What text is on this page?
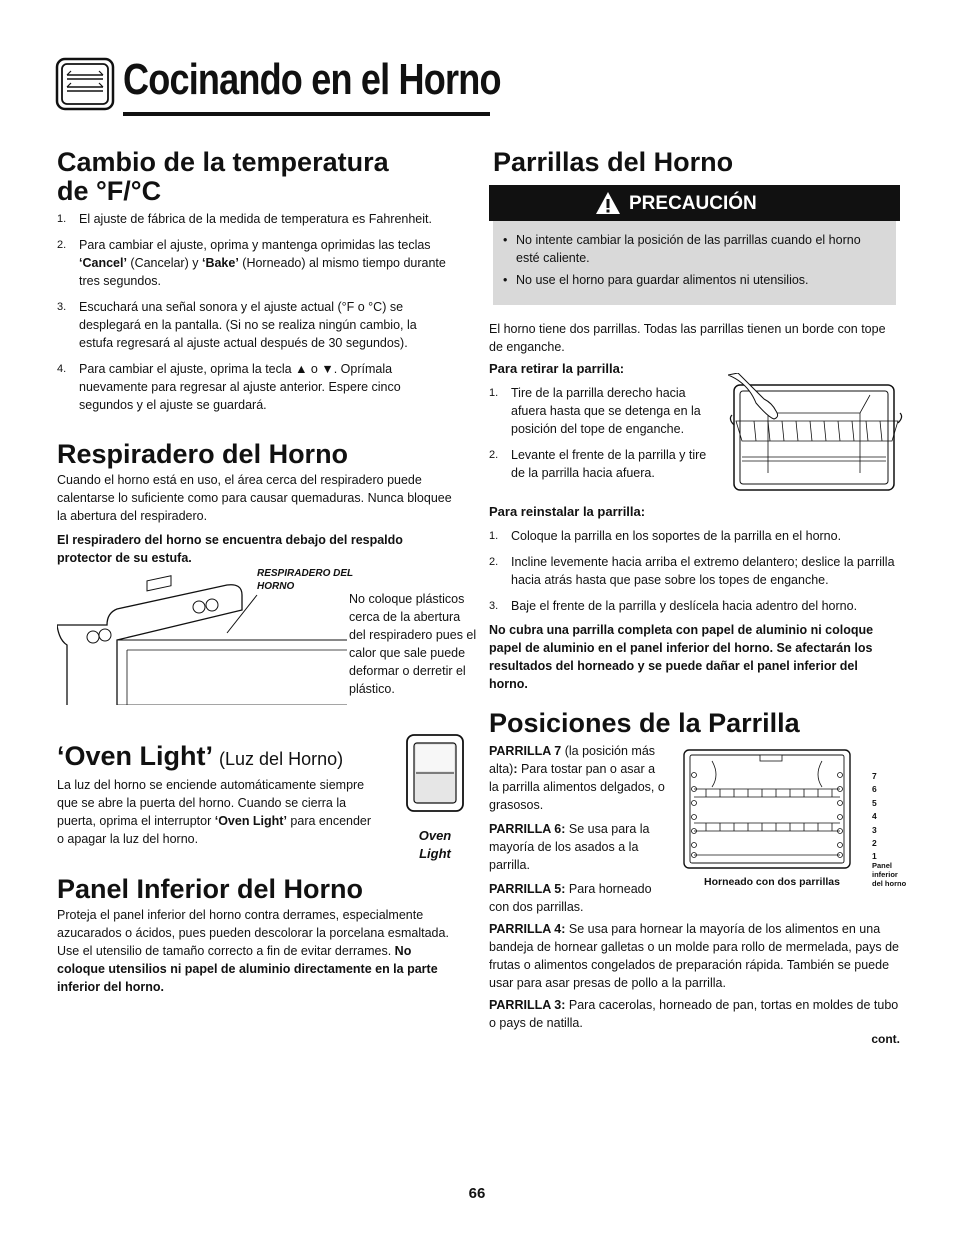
Cocinando en el Horno
Cambio de la temperatura de °F/°C
1. El ajuste de fábrica de la medida de temperatura es Fahrenheit.
2. Para cambiar el ajuste, oprima y mantenga oprimidas las teclas ‘Cancel’ (Cancelar) y ‘Bake’ (Horneado) al mismo tiempo durante tres segundos.
3. Escuchará una señal sonora y el ajuste actual (°F o °C) se desplegará en la pantalla. (Si no se realiza ningún cambio, la estufa regresará al ajuste actual después de 30 segundos).
4. Para cambiar el ajuste, oprima la tecla ▲ o ▼. Oprímala nuevamente para regresar al ajuste anterior. Espere cinco segundos y el ajuste se guardará.
Respiradero del Horno

Cuando el horno está en uso, el área cerca del respiradero puede calentarse lo suficiente como para causar quemaduras. Nunca bloquee la abertura del respiradero.

El respiradero del horno se encuentra debajo del respaldo protector de su estufa.

RESPIRADERO DEL HORNO

No coloque plásticos cerca de la abertura del respiradero pues el calor que sale puede deformar o derretir el plástico.

‘Oven Light’ (Luz del Horno)

La luz del horno se enciende automáticamente siempre que se abre la puerta del horno. Cuando se cierra la puerta, oprima el interruptor ‘Oven Light’ para encender o apagar la luz del horno.	Oven Light
Panel Inferior del Horno

Proteja el panel inferior del horno contra derrames, especialmente azucarados o ácidos, pues pueden descolorar la porcelana esmaltada. Use el utensilio de tamaño correcto a fin de evitar derrames. No coloque utensilios ni papel de aluminio directamente en la parte inferior del horno.

Parrillas del Horno
PRECAUCIÓN
• No intente cambiar la posición de las parrillas cuando el horno esté caliente.
• No use el horno para guardar alimentos ni utensilios.

El horno tiene dos parrillas. Todas las parrillas tienen un borde con tope de enganche.

Para retirar la parrilla:
1. Tire de la parrilla derecho hacia afuera hasta que se detenga en la posición del tope de enganche.
2. Levante el frente de la parrilla y tire de la parrilla hacia afuera.
Para reinstalar la parrilla:
1. Coloque la parrilla en los soportes de la parrilla en el horno.
2. Incline levemente hacia arriba el extremo delantero; deslice la parrilla hacia atrás hasta que pase sobre los topes de enganche.
3. Baje el frente de la parrilla y deslícela hacia adentro del horno.

No cubra una parrilla completa con papel de aluminio ni coloque papel de aluminio en el panel inferior del horno. Se afectarán los resultados del horneado y se puede dañar el panel inferior del horno.

Posiciones de la Parrilla

PARRILLA 7 (la posición más alta): Para tostar pan o asar a la parrilla alimentos delgados, o grasosos.

PARRILLA 6: Se usa para la mayoría de los asados a la parrilla.

PARRILLA 5: Para horneado con dos parrillas.

7
6
5
4
3
2
1
Panel inferior del horno
Horneado con dos parrillas

PARRILLA 4: Se usa para hornear la mayoría de los alimentos en una bandeja de hornear galletas o un molde para rollo de mermelada, pays de frutas o alimentos congelados de preparación rápida. También se puede usar para asar presas de pollo a la parrilla.

PARRILLA 3: Para cacerolas, horneado de pan, tortas en moldes de tubo o pays de natilla.

cont.
66
